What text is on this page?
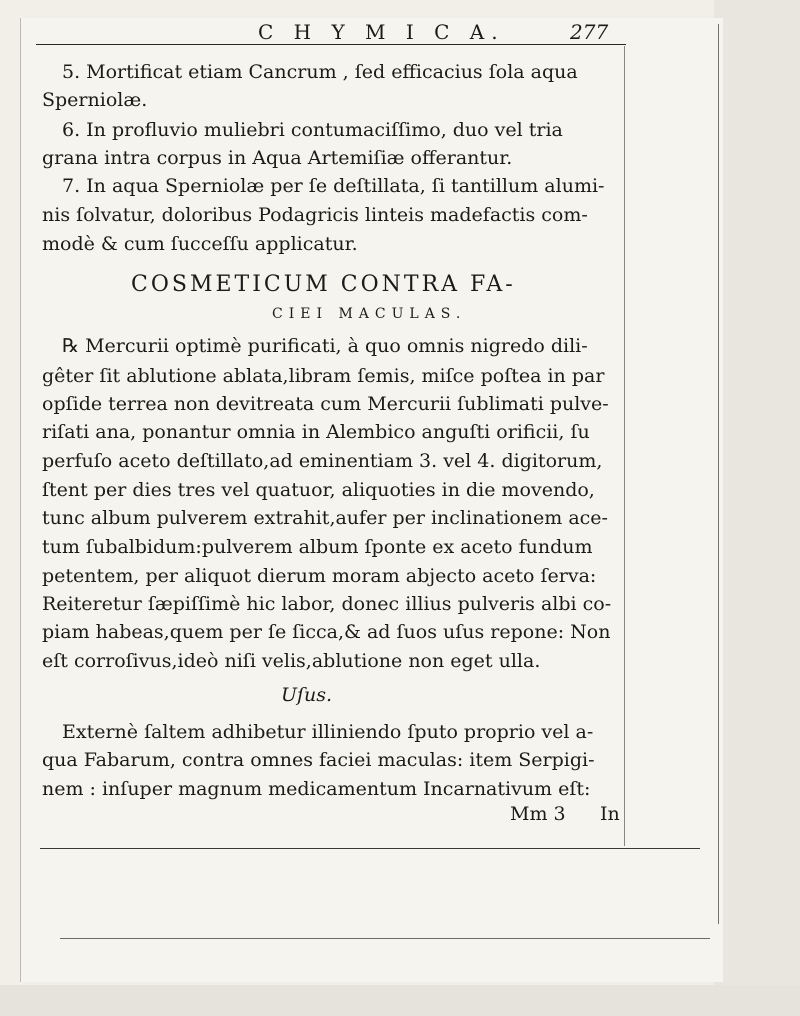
C H Y M I C A.	277
5. Mortificat etiam Cancrum , ſed efficacius ſola aqua
Sperniolæ.
6. In profluvio muliebri contumaciſſimo, duo vel tria
grana intra corpus in Aqua Artemiſiæ offerantur.
7. In aqua Sperniolæ per ſe deſtillata, ſi tantillum alumi-
nis ſolvatur, doloribus Podagricis linteis madefactis com-
modè & cum ſucceſſu applicatur.
COSMETICUM CONTRA FA-
CIEI MACULAS.
℞ Mercurii optimè purificati, à quo omnis nigredo dili-
gêter ſit ablutione ablata,libram ſemis, miſce poſtea in par
opſide terrea non devitreata cum Mercurii ſublimati pulve-
riſati ana, ponantur omnia in Alembico anguſti orificii, ſu
perfuſo aceto deſtillato,ad eminentiam 3. vel 4. digitorum,
ſtent per dies tres vel quatuor, aliquoties in die movendo,
tunc album pulverem extrahit,aufer per inclinationem ace-
tum ſubalbidum:pulverem album ſponte ex aceto fundum
petentem, per aliquot dierum moram abjecto aceto ſerva:
Reiteretur ſæpiſſimè hic labor, donec illius pulveris albi co-
piam habeas,quem per ſe ſicca,& ad ſuos uſus repone: Non
eſt corroſivus,ideò niſi velis,ablutione non eget ulla.
Uſus.
Externè ſaltem adhibetur illiniendo ſputo proprio vel a-
qua Fabarum, contra omnes faciei maculas: item Serpigi-
nem : inſuper magnum medicamentum Incarnativum eſt:
Mm 3 In
